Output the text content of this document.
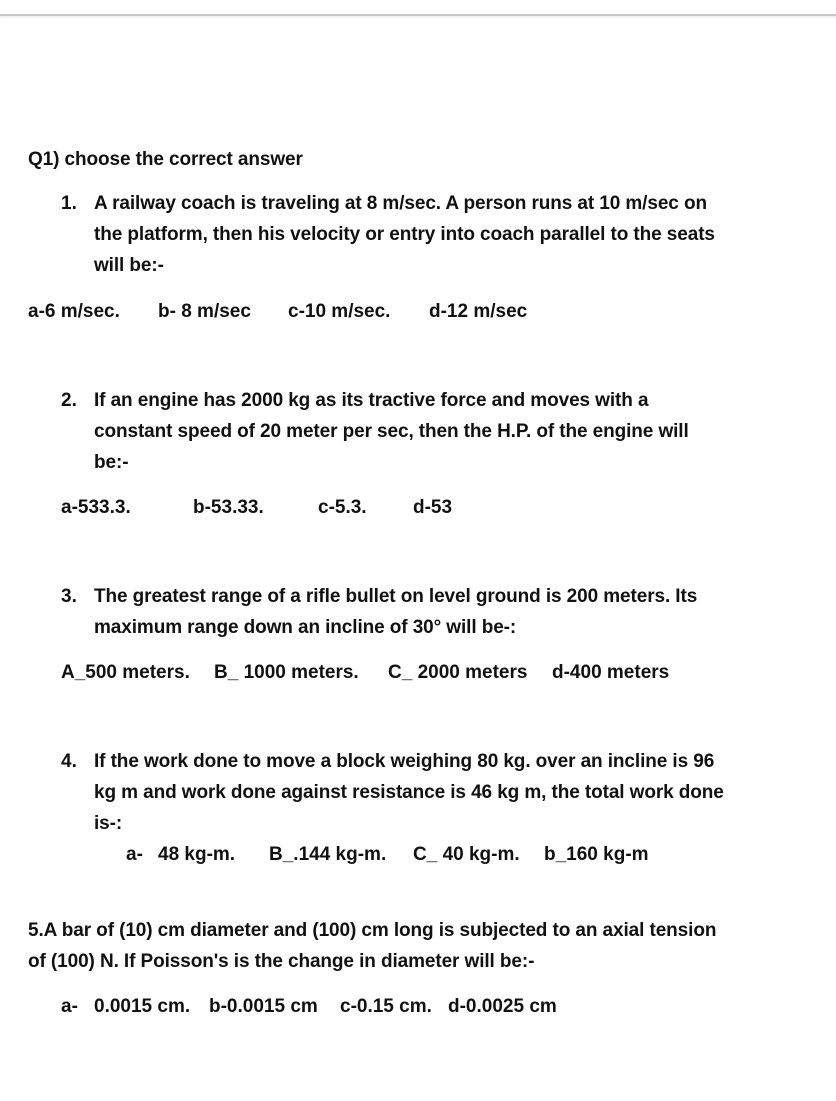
Q1) choose the correct answer
1. A railway coach is traveling at 8 m/sec. A person runs at 10 m/sec on
the platform, then his velocity or entry into coach parallel to the seats
will be:-
a-6 m/sec. b- 8 m/sec c-10 m/sec. d-12 m/sec
2. If an engine has 2000 kg as its tractive force and moves with a
constant speed of 20 meter per sec, then the H.P. of the engine will
be:-
a-533.3.	b-53.33.	c-5.3. d-53
3. The greatest range of a rifle bullet on level ground is 200 meters. Its
maximum range down an incline of 30° will be-:
A_500 meters. B_ 1000 meters. C_ 2000 meters d-400 meters
4. If the work done to move a block weighing 80 kg. over an incline is 96
kg m and work done against resistance is 46 kg m, the total work done
is-:
a- 48 kg-m. B_.144 kg-m. C_ 40 kg-m. b_160 kg-m
5.A bar of (10) cm diameter and (100) cm long is subjected to an axial tension
of (100) N. If Poisson's is the change in diameter will be:-
a- 0.0015 cm. b-0.0015 cm c-0.15 cm. d-0.0025 cm
